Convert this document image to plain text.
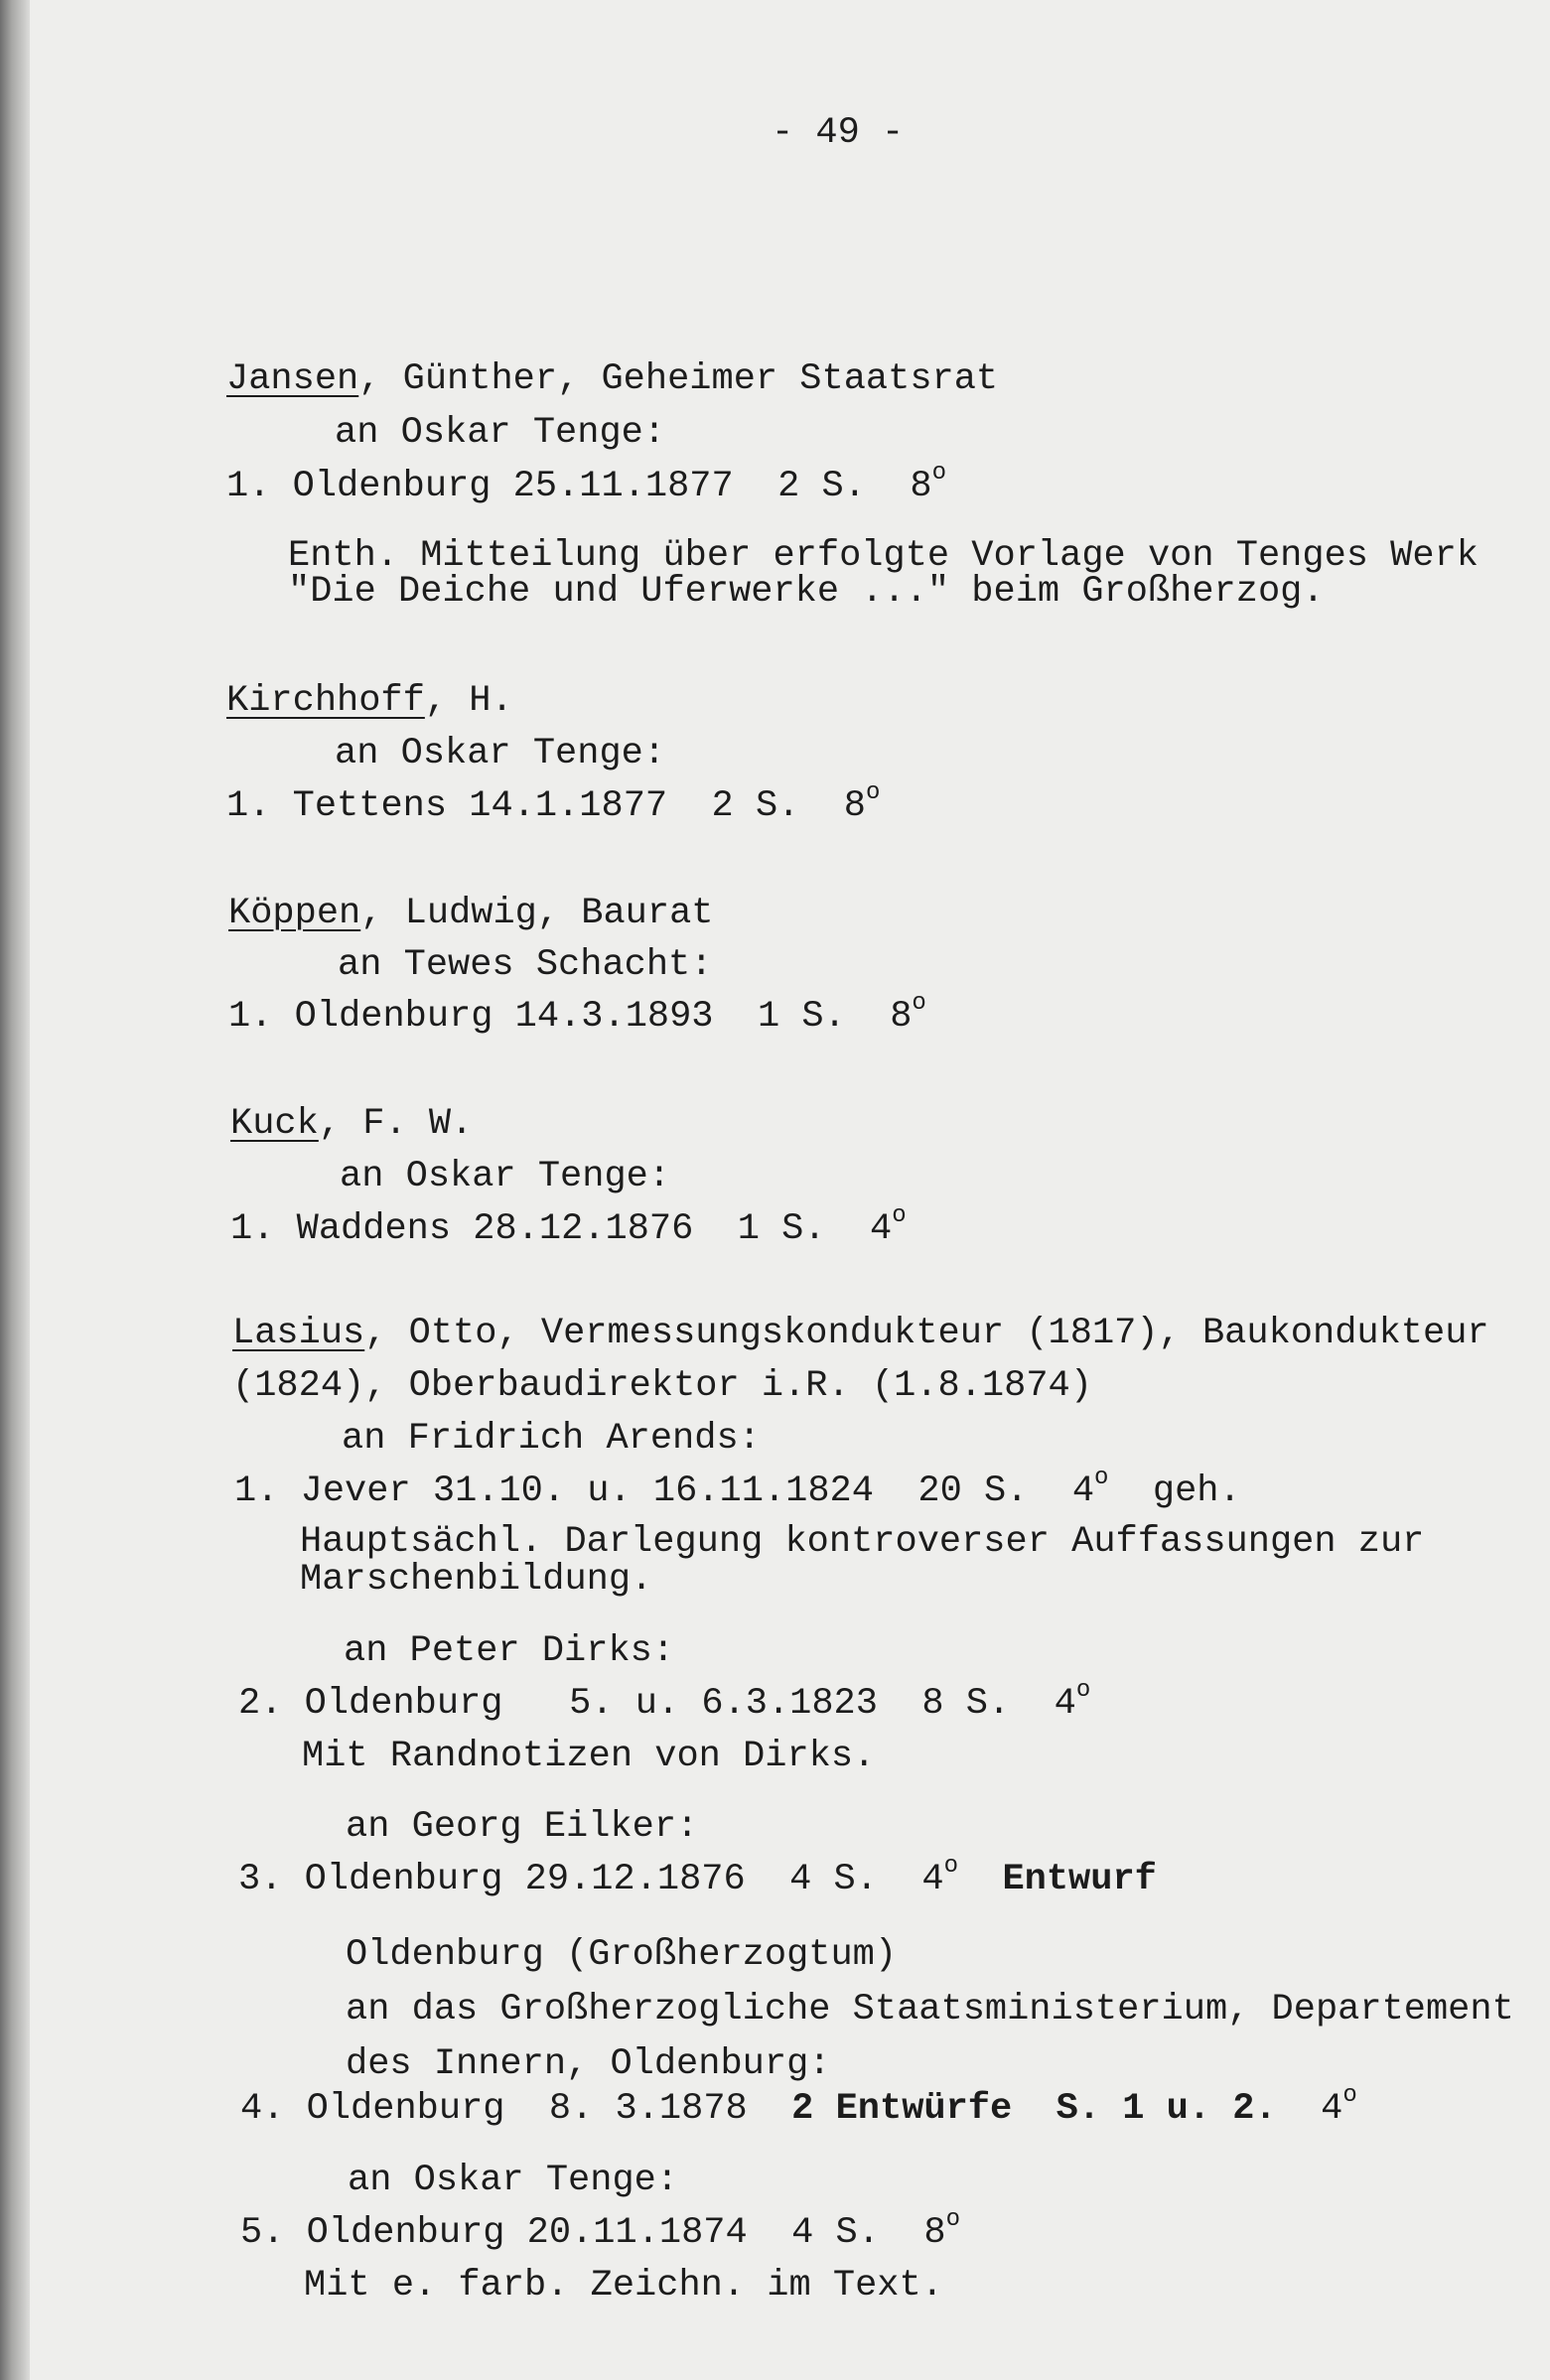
- 49 -
Jansen, Günther, Geheimer Staatsrat
an Oskar Tenge:
1. Oldenburg 25.11.1877 2 S. 8$^o$
Enth. Mitteilung über erfolgte Vorlage von Tenges Werk
"Die Deiche und Uferwerke ..." beim Großherzog.
Kirchhoff, H.
an Oskar Tenge:
1. Tettens 14.1.1877 2 S. 8$^o$
Köppen, Ludwig, Baurat
an Tewes Schacht:
1. Oldenburg 14.3.1893 1 S. 8$^o$
Kuck, F. W.
an Oskar Tenge:
1. Waddens 28.12.1876 1 S. 4$^o$
Lasius, Otto, Vermessungskondukteur (1817), Baukondukteur
(1824), Oberbaudirektor i.R. (1.8.1874)
an Fridrich Arends:
1. Jever 31.10. u. 16.11.1824 20 S. 4$^o$ geh.
Hauptsächl. Darlegung kontroverser Auffassungen zur
Marschenbildung.
an Peter Dirks:
2. Oldenburg 5. u. 6.3.1823 8 S. 4$^o$
Mit Randnotizen von Dirks.
an Georg Eilker:
3. Oldenburg 29.12.1876 4 S. 4$^o$ Entwurf
Oldenburg (Großherzogtum)
an das Großherzogliche Staatsministerium, Departement
des Innern, Oldenburg:
4. Oldenburg 8. 3.1878 2 Entwürfe S. 1 u. 2. 4$^o$
an Oskar Tenge:
5. Oldenburg 20.11.1874 4 S. 8$^o$
Mit e. farb. Zeichn. im Text.
